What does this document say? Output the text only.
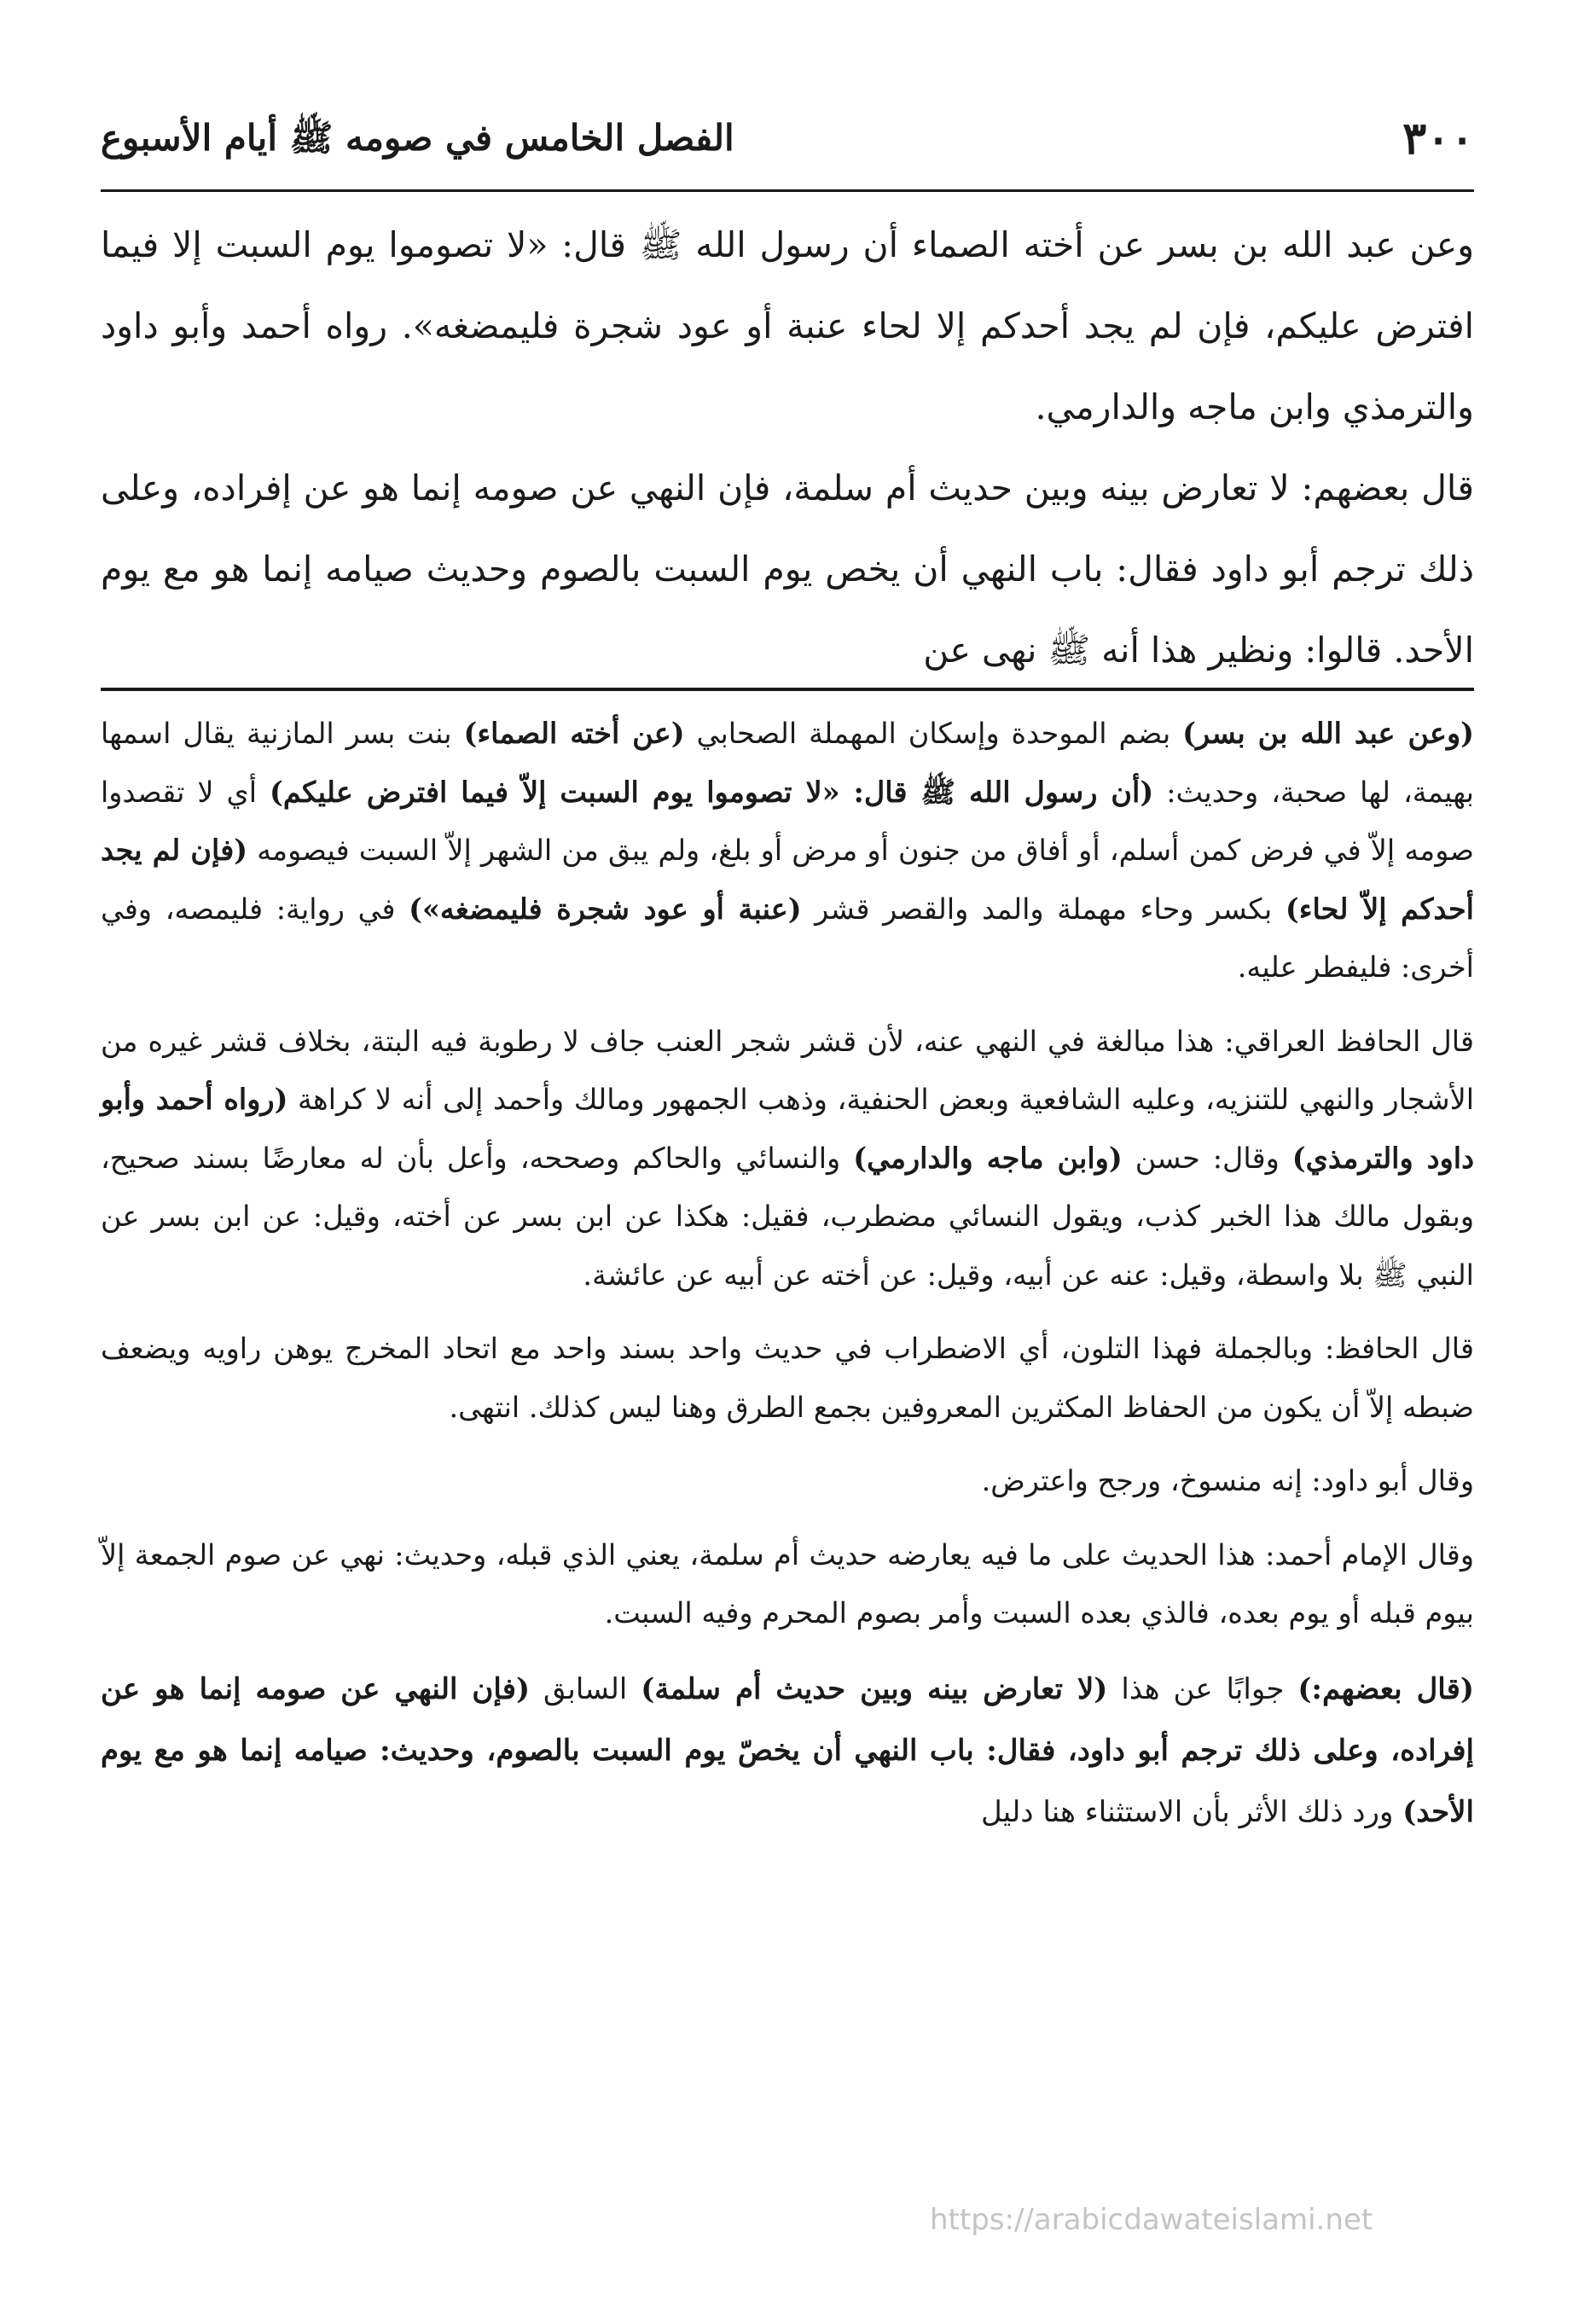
٣٠٠
الفصل الخامس في صومه ﷺ أيام الأسبوع

وعن عبد الله بن بسر عن أخته الصماء أن رسول الله ﷺ قال: «لا تصوموا يوم السبت إلا فيما افترض عليكم، فإن لم يجد أحدكم إلا لحاء عنبة أو عود شجرة فليمضغه». رواه أحمد وأبو داود والترمذي وابن ماجه والدارمي.

قال بعضهم: لا تعارض بينه وبين حديث أم سلمة، فإن النهي عن صومه إنما هو عن إفراده، وعلى ذلك ترجم أبو داود فقال: باب النهي أن يخص يوم السبت بالصوم وحديث صيامه إنما هو مع يوم الأحد. قالوا: ونظير هذا أنه ﷺ نهى عن

(وعن عبد الله بن بسر) بضم الموحدة وإسكان المهملة الصحابي (عن أخته الصماء) بنت بسر المازنية يقال اسمها بهيمة، لها صحبة، وحديث: (أن رسول الله ﷺ قال: «لا تصوموا يوم السبت إلاّ فيما افترض عليكم) أي لا تقصدوا صومه إلاّ في فرض كمن أسلم، أو أفاق من جنون أو مرض أو بلغ، ولم يبق من الشهر إلاّ السبت فيصومه (فإن لم يجد أحدكم إلاّ لحاء) بكسر وحاء مهملة والمد والقصر قشر (عنبة أو عود شجرة فليمضغه») في رواية: فليمصه، وفي أخرى: فليفطر عليه.

قال الحافظ العراقي: هذا مبالغة في النهي عنه، لأن قشر شجر العنب جاف لا رطوبة فيه البتة، بخلاف قشر غيره من الأشجار والنهي للتنزيه، وعليه الشافعية وبعض الحنفية، وذهب الجمهور ومالك وأحمد إلى أنه لا كراهة (رواه أحمد وأبو داود والترمذي) وقال: حسن (وابن ماجه والدارمي) والنسائي والحاكم وصححه، وأعل بأن له معارضًا بسند صحيح، وبقول مالك هذا الخبر كذب، ويقول النسائي مضطرب، فقيل: هكذا عن ابن بسر عن أخته، وقيل: عن ابن بسر عن النبي ﷺ بلا واسطة، وقيل: عنه عن أبيه، وقيل: عن أخته عن أبيه عن عائشة.

قال الحافظ: وبالجملة فهذا التلون، أي الاضطراب في حديث واحد بسند واحد مع اتحاد المخرج يوهن راويه ويضعف ضبطه إلاّ أن يكون من الحفاظ المكثرين المعروفين بجمع الطرق وهنا ليس كذلك. انتهى.

وقال أبو داود: إنه منسوخ، ورجح واعترض.

وقال الإمام أحمد: هذا الحديث على ما فيه يعارضه حديث أم سلمة، يعني الذي قبله، وحديث: نهي عن صوم الجمعة إلاّ بيوم قبله أو يوم بعده، فالذي بعده السبت وأمر بصوم المحرم وفيه السبت.

(قال بعضهم:) جوابًا عن هذا (لا تعارض بينه وبين حديث أم سلمة) السابق (فإن النهي عن صومه إنما هو عن إفراده، وعلى ذلك ترجم أبو داود، فقال: باب النهي أن يخصّ يوم السبت بالصوم، وحديث: صيامه إنما هو مع يوم الأحد) ورد ذلك الأثر بأن الاستثناء هنا دليل

https://arabicdawateislami.net
